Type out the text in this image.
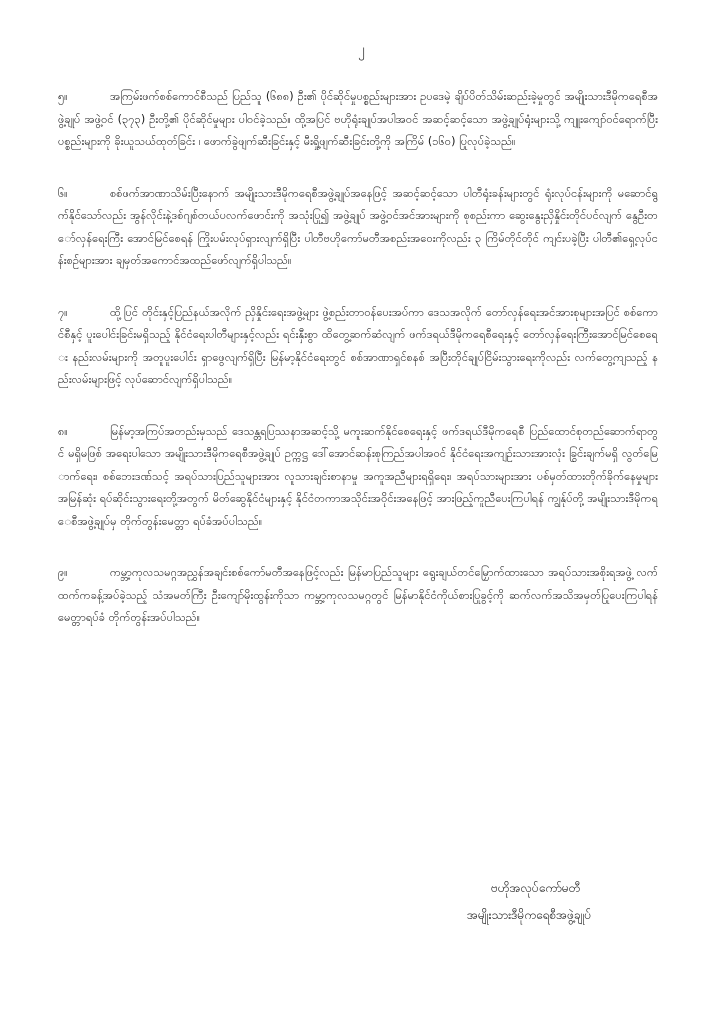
၂

၅။	အကြမ်းဖက်စစ်ကောင်စီသည် ပြည်သူ (၆၈၈) ဦး၏ ပိုင်ဆိုင်မှုပစ္စည်းများအား ဥပဒေမဲ့ ချိပ်ပိတ်သိမ်းဆည်းခဲ့မှုတွင် အမျိုးသားဒီမိုကရေစီအဖွဲ့ချုပ် အဖွဲ့ဝင် (၃၇၃) ဦးတို့၏ ပိုင်ဆိုင်မှုများ ပါဝင်ခဲ့သည်။ ထို့အပြင် ဗဟိုရုံးချုပ်အပါအဝင် အဆင့်ဆင့်သော အဖွဲ့ချုပ်ရုံးများသို့ ကျူးကျော်ဝင်ရောက်ပြီး ပစ္စည်းများကို ခိုးယူသယ်ထုတ်ခြင်း ၊ ဖောက်ခွဲဖျက်ဆီးခြင်းနှင့် မီးရှို့ဖျက်ဆီးခြင်းတို့ကို အကြိမ် (၁၆၀) ပြုလုပ်ခဲ့သည်။

၆။	စစ်ဖက်အာဏာသိမ်းပြီးနောက် အမျိုးသားဒီမိုကရေစီအဖွဲ့ချုပ်အနေဖြင့် အဆင့်ဆင့်သော ပါတီရုံးခန်းများတွင် ရုံးလုပ်ငန်းများကို မဆောင်ရွက်နိုင်သော်လည်း အွန်လိုင်းနဲ့ဒစ်ဂျစ်တယ်ပလက်ဖောင်းကို အသုံးပြု၍ အဖွဲ့ချုပ် အဖွဲ့ဝင်အင်အားများကို စုစည်းကာ ဆွေးနွေးညှိနှိုင်းတိုင်ပင်လျက် နွေဦးတော်လှန်ရေးကြီး အောင်မြင်စေရန် ကြိုးပမ်းလုပ်ရှားလျက်ရှိပြီး ပါတီဗဟိုကော်မတီအစည်းအဝေးကိုလည်း ၃ ကြိမ်တိုင်တိုင် ကျင်းပခဲ့ပြီး ပါတီ၏ရှေ့လုပ်ငန်းစဉ်များအား ချမှတ်အကောင်အထည်ဖော်လျက်ရှိပါသည်။

၇။	ထို့ပြင် တိုင်းနှင့်ပြည်နယ်အလိုက် ညှိနှိုင်းရေးအဖွဲ့များ ဖွဲ့စည်းတာဝန်ပေးအပ်ကာ ဒေသအလိုက် တော်လှန်ရေးအင်အားစုများအပြင် စစ်ကောင်စီနှင့် ပူးပေါင်းခြင်းမရှိသည့် နိုင်ငံရေးပါတီများနှင့်လည်း ရင်းနှီးစွာ ထိတွေ့ဆက်ဆံလျက် ဖက်ဒရယ်ဒီမိုကရေစီရေးနှင့် တော်လှန်ရေးကြီးအောင်မြင်စေရေး နည်းလမ်းများကို အတူပူးပေါင်း ရှာဖွေလျက်ရှိပြီး မြန်မာ့နိုင်ငံရေးတွင် စစ်အာဏာရှင်စနစ် အပြီးတိုင်ချုပ်ငြိမ်းသွားရေးကိုလည်း လက်တွေ့ကျသည့် နည်းလမ်းများဖြင့် လုပ်ဆောင်လျက်ရှိပါသည်။

၈။	မြန်မာ့အကြပ်အတည်းမှသည် ဒေသန္တရပြဿနာအဆင့်သို့ မကူးဆက်နိုင်စေရေးနှင့် ဖက်ဒရယ်ဒီမိုကရေစီ ပြည်ထောင်စုတည်ဆောက်ရာတွင် မရှိမဖြစ် အရေးပါသော အမျိုးသားဒီမိုကရေစီအဖွဲ့ချုပ် ဥက္ကဋ္ဌ ဒေါ်အောင်ဆန်းစုကြည်အပါအဝင် နိုင်ငံရေးအကျဉ်းသားအားလုံး ခြွင်းချက်မရှိ လွတ်မြောက်ရေး၊ စစ်ဘေးဒဏ်သင့် အရပ်သားပြည်သူများအား လူသားချင်းစာနာမှု အကူအညီများရရှိရေး၊ အရပ်သားများအား ပစ်မှတ်ထားတိုက်ခိုက်နေမှုများ အမြန်ဆုံး ရပ်ဆိုင်းသွားရေးတို့အတွက် မိတ်ဆွေနိုင်ငံများနှင့် နိုင်ငံတကာအသိုင်းအဝိုင်းအနေဖြင့် အားဖြည့်ကူညီပေးကြပါရန် ကျွန်ုပ်တို့ အမျိုးသားဒီမိုကရေစီအဖွဲ့ချုပ်မှ တိုက်တွန်းမေတ္တာ ရပ်ခံအပ်ပါသည်။

၉။	ကမ္ဘာ့ကုလသမဂ္ဂအညွှန်အချင်းစစ်ကော်မတီအနေဖြင့်လည်း မြန်မာပြည်သူများ ရွေးချယ်တင်မြှောက်ထားသော အရပ်သားအစိုးရအဖွဲ့ လက်ထက်ကခန့်အပ်ခဲ့သည့် သံအမတ်ကြီး ဦးကျော်မိုးထွန်းကိုသာ ကမ္ဘာ့ကုလသမဂ္ဂတွင် မြန်မာနိုင်ငံကိုယ်စားပြုခွင့်ကို ဆက်လက်အသိအမှတ်ပြုပေးကြပါရန် မေတ္တာရပ်ခံ တိုက်တွန်းအပ်ပါသည်။

ဗဟိုအလုပ်ကော်မတီ
အမျိုးသားဒီမိုကရေစီအဖွဲ့ချုပ်
